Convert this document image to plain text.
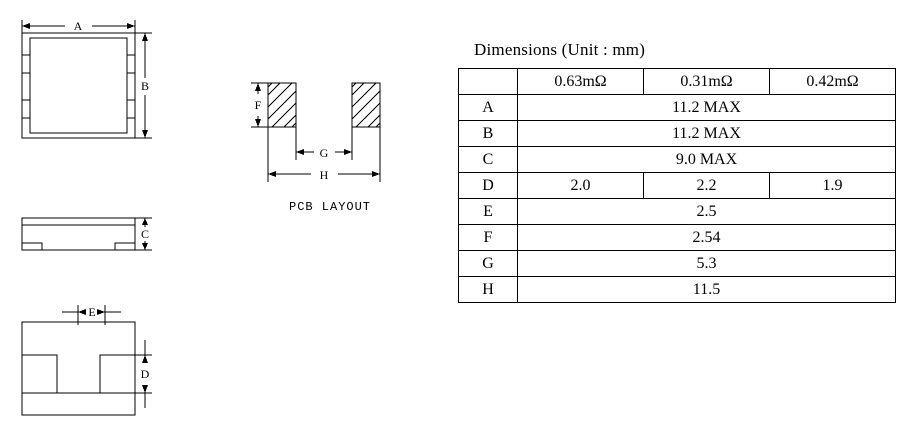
A
B
C
E
D
F
G
H
PCB LAYOUT
Dimensions (Unit : mm)
	0.63mΩ	0.31mΩ	0.42mΩ
A	11.2 MAX		
B	11.2 MAX		
C	9.0 MAX		
D	2.0	2.2	1.9
E	2.5		
F	2.54		
G	5.3		
H	11.5		
